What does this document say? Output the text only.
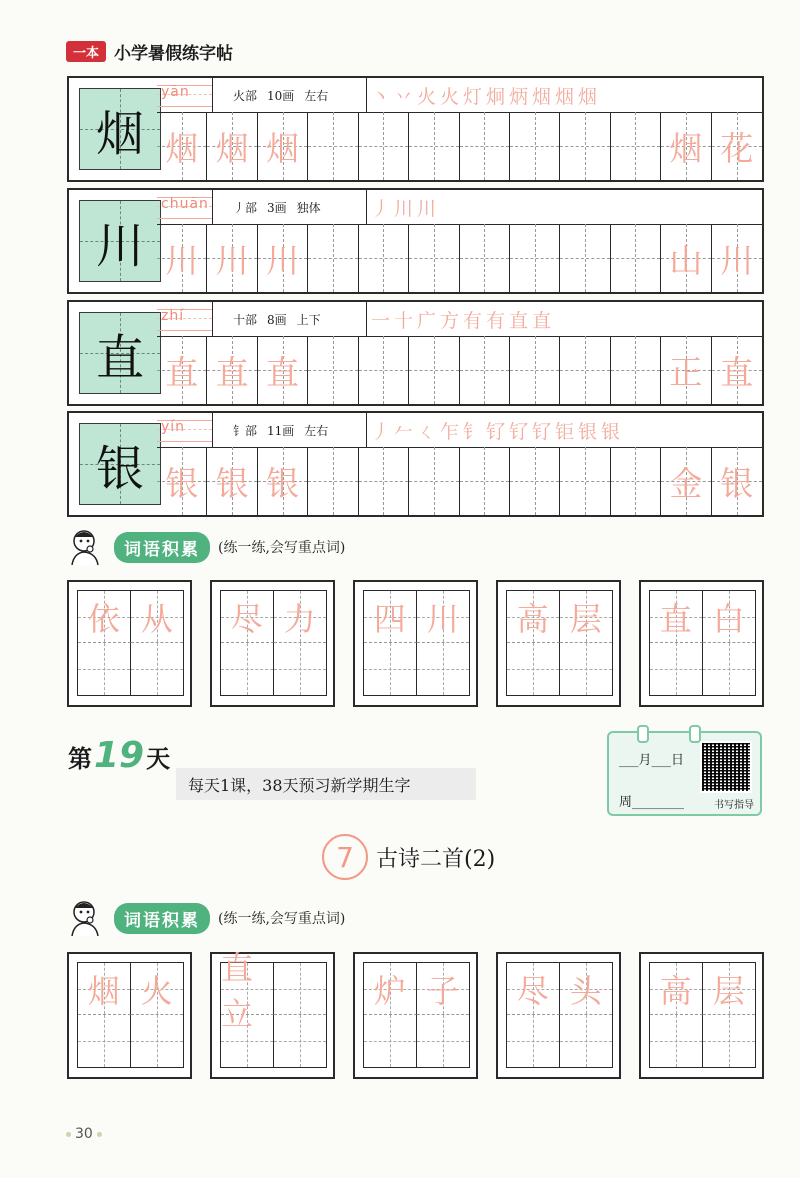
一本 小学暑假练字帖
烟
yān	火部 10画 左右 丶丷火火灯炯炳烟烟烟
烟 烟 烟	烟 花
川
chuān 丿部 3画 独体	丿川川
川 川 川	山 川
直
zhí	十部 8画 上下	一十广方有有直直
直 直 直	正 直
银
yín	钅部 11画 左右 丿𠂉ㄑ乍钅钌钌钌钜银银
银 银 银	金 银
词语积累	(练一练,会写重点词)
依 从	尽 力	四 川	高 层	直 白
第 19 天
每天1课，38天预习新学期生字
___月___日
周________	书写指导
7	古诗二首(2)
词语积累	(练一练,会写重点词)
烟 火
直立
炉 子	尽 头	高 层
30
